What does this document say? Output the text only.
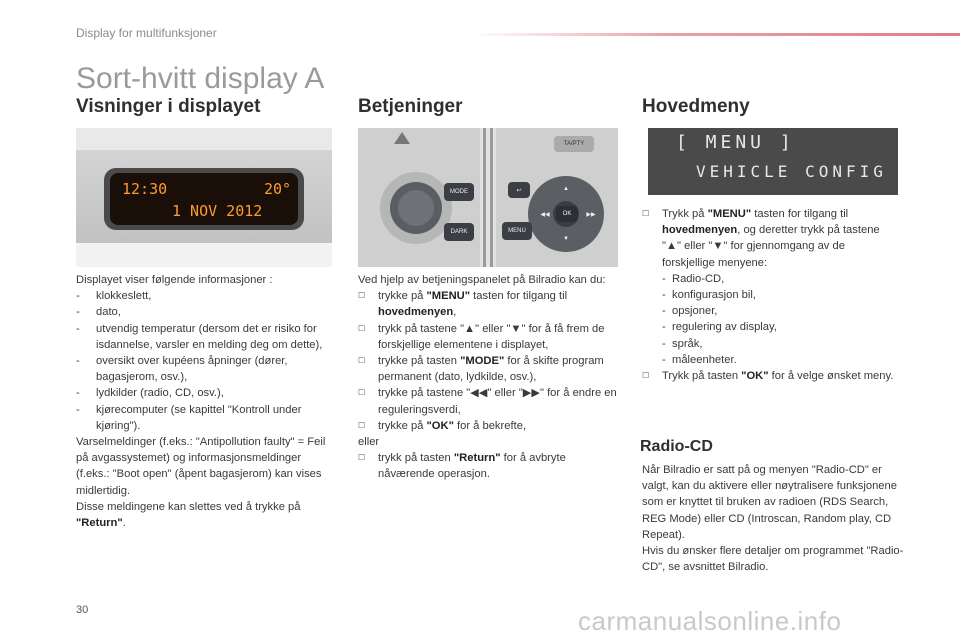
Display for multifunksjoner
Sort-hvitt display A
Visninger i displayet
12:30	20°
1 NOV 2012

Displayet viser følgende informasjoner :

-	klokkeslett,
-	dato,
-	utvendig temperatur (dersom det er risiko for isdannelse, varsler en melding deg om dette),
-	oversikt over kupéens åpninger (dører, bagasjerom, osv.),
-	lydkilder (radio, CD, osv.),
-	kjørecomputer (se kapittel "Kontroll under kjøring").

Varselmeldinger (f.eks.: "Antipollution faulty" = Feil på avgassystemet) og informasjonsmeldinger (f.eks.: "Boot open" (åpent bagasjerom) kan vises midlertidig.

Disse meldingene kan slettes ved å trykke på "Return".

Betjeninger
TA/PTY
MODE
DARK	MENU
↩
OK
◀◀	▶▶
▲
▼

Ved hjelp av betjeningspanelet på Bilradio kan du:

☐	trykke på "MENU" tasten for tilgang til hovedmenyen,
☐	trykk på tastene "▲" eller "▼" for å få frem de forskjellige elementene i displayet,
☐	trykke på tasten "MODE" for å skifte program permanent (dato, lydkilde, osv.),
☐	trykke på tastene "◀◀" eller "▶▶" for å endre en reguleringsverdi,
☐	trykke på "OK" for å bekrefte,

eller

☐	trykk på tasten "Return" for å avbryte nåværende operasjon.
Hovedmeny
[ MENU ]
VEHICLE CONFIG
☐	Trykk på "MENU" tasten for tilgang til hovedmenyen, og deretter trykk på tastene "▲" eller "▼" for gjennomgang av de forskjellige menyene:
- Radio-CD,
- konfigurasjon bil,
- opsjoner,
- regulering av display,
- språk,
- måleenheter.
☐	Trykk på tasten "OK" for å velge ønsket meny.
Radio-CD

Når Bilradio er satt på og menyen "Radio-CD" er valgt, kan du aktivere eller nøytralisere funksjonene som er knyttet til bruken av radioen (RDS Search, REG Mode) eller CD (Introscan, Random play, CD Repeat).

Hvis du ønsker flere detaljer om programmet "Radio-CD", se avsnittet Bilradio.

30	carmanualsonline.info
